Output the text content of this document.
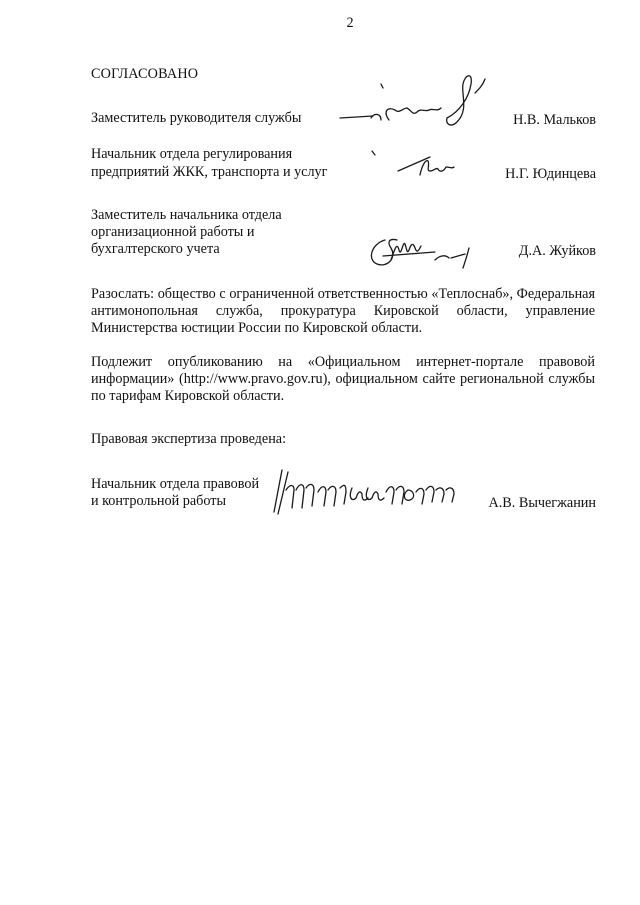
2
СОГЛАСОВАНО
Заместитель руководителя службы	Н.В. Мальков
Начальник отдела регулирования
предприятий ЖКК, транспорта и услуг	Н.Г. Юдинцева
Заместитель начальника отдела
организационной работы и
бухгалтерского учета	Д.А. Жуйков
Разослать: общество с ограниченной ответственностью «Теплоснаб», Федеральная антимонопольная служба, прокуратура Кировской области, управление Министерства юстиции России по Кировской области.
Подлежит опубликованию на «Официальном интернет-портале правовой информации» (http://www.pravo.gov.ru), официальном сайте региональной службы по тарифам Кировской области.
Правовая экспертиза проведена:
Начальник отдела правовой
и контрольной работы	А.В. Вычегжанин
